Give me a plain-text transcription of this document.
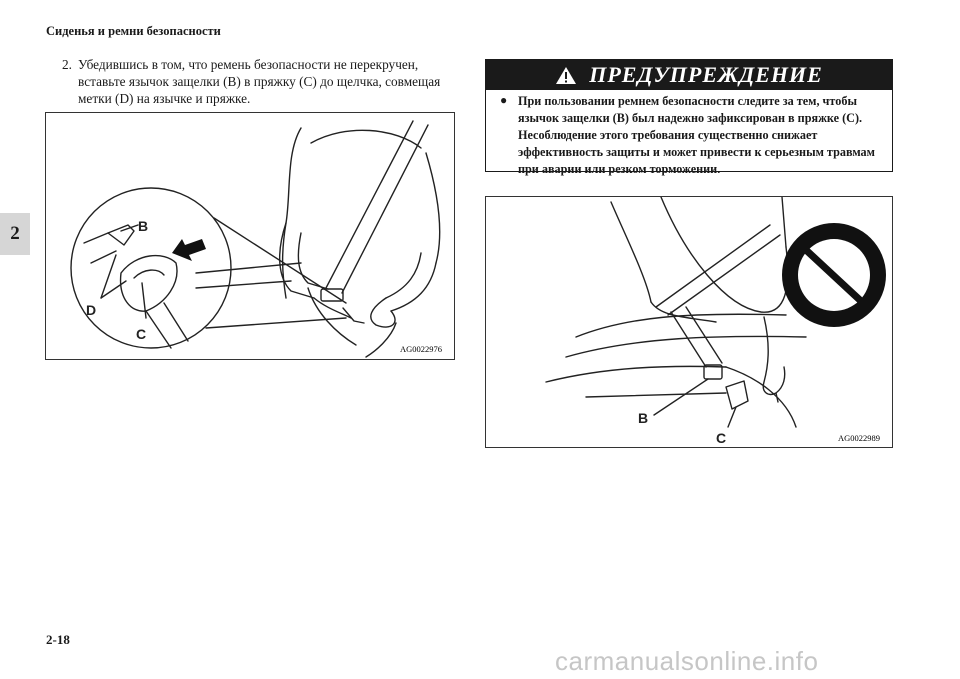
Сиденья и ремни безопасности
2
2. Убедившись в том, что ремень безопасности не перекручен, вставьте язычок защелки (B) в пряжку (C) до щелчка, совмещая метки (D) на язычке и пряжке.
B
D
C
AG0022976
ПРЕДУПРЕЖДЕНИЕ
● При пользовании ремнем безопасности следите за тем, чтобы язычок защелки (B) был надежно зафиксирован в пряжке (C). Несоблюдение этого требования существенно снижает эффективность защиты и может привести к серьезным травмам при аварии или резком торможении.
B
C	AG0022989
2-18
carmanualsonline.info
